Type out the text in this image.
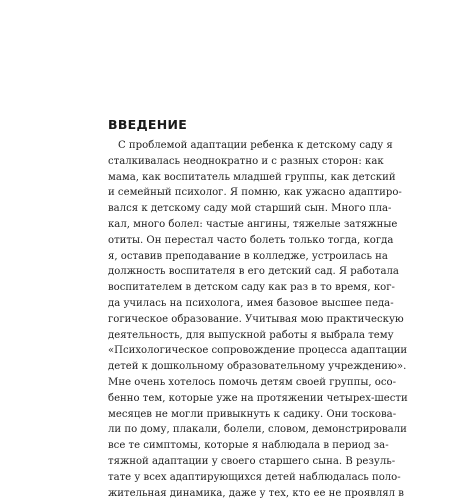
ВВЕДЕНИЕ
С проблемой адаптации ребенка к детскому саду я
сталкивалась неоднократно и с разных сторон: как
мама, как воспитатель младшей группы, как детский
и семейный психолог. Я помню, как ужасно адаптиро-
вался к детскому саду мой старший сын. Много пла-
кал, много болел: частые ангины, тяжелые затяжные
отиты. Он перестал часто болеть только тогда, когда
я, оставив преподавание в колледже, устроилась на
должность воспитателя в его детский сад. Я работала
воспитателем в детском саду как раз в то время, ког-
да училась на психолога, имея базовое высшее педа-
гогическое образование. Учитывая мою практическую
деятельность, для выпускной работы я выбрала тему
«Психологическое сопровождение процесса адаптации
детей к дошкольному образовательному учреждению».
Мне очень хотелось помочь детям своей группы, осо-
бенно тем, которые уже на протяжении четырех-шести
месяцев не могли привыкнуть к садику. Они тоскова-
ли по дому, плакали, болели, словом, демонстрировали
все те симптомы, которые я наблюдала в период за-
тяжной адаптации у своего старшего сына. В резуль-
тате у всех адаптирующихся детей наблюдалась поло-
жительная динамика, даже у тех, кто ее не проявлял в
